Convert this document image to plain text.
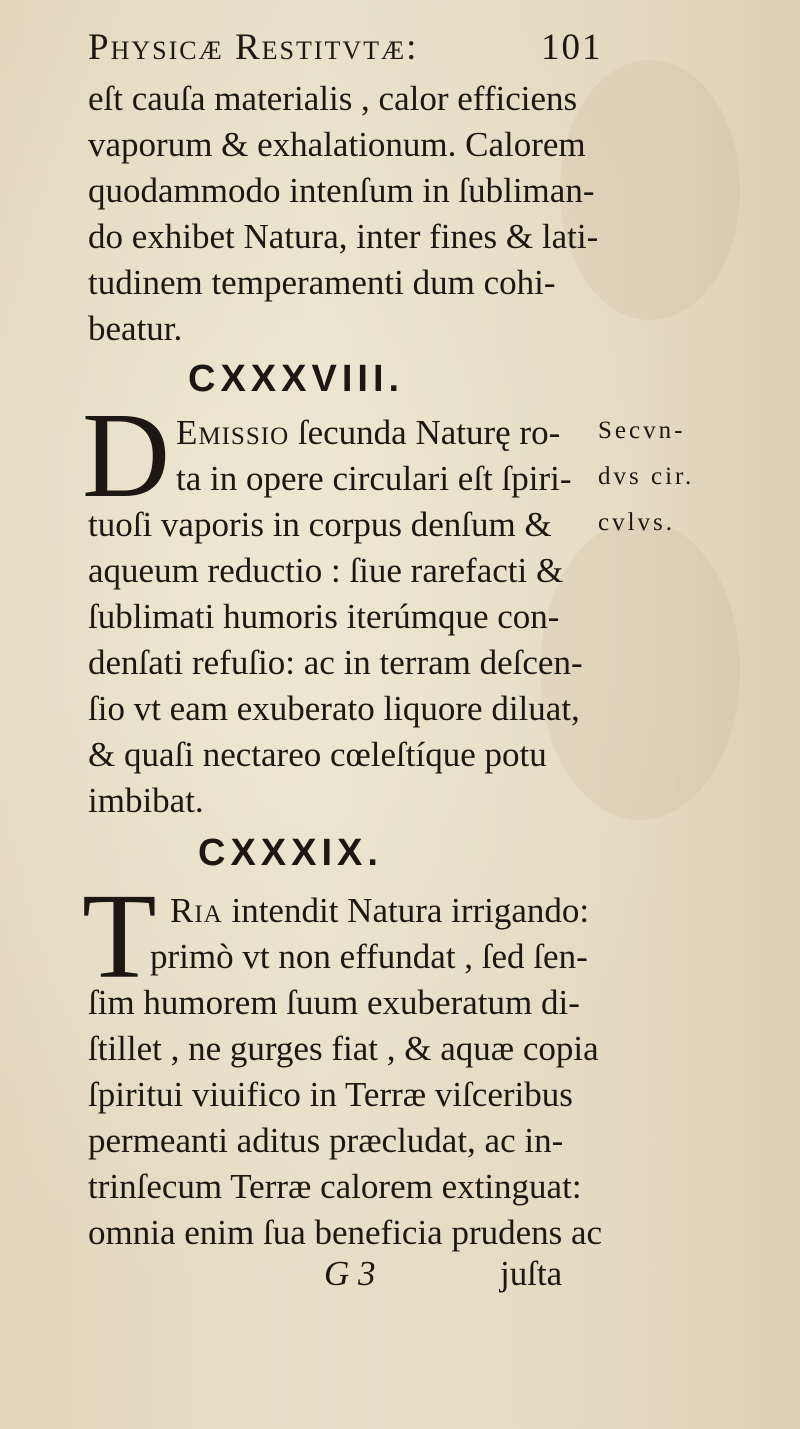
Physicæ Restitvtæ:	101
eſt cauſa materialis , calor efficiens
vaporum & exhalationum. Calorem
quodammodo intenſum in ſubliman-
do exhibet Natura, inter fines & lati-
tudinem temperamenti dum cohi-
beatur.
CXXXVIII.
D Emissio ſecunda Naturę ro-
ta in opere circulari eſt ſpiri-
tuoſi vaporis in corpus denſum &
aqueum reductio : ſiue rarefacti &
ſublimati humoris iterúmque con-
denſati refuſio: ac in terram deſcen-
ſio vt eam exuberato liquore diluat,
& quaſi nectareo cœleſtíque potu
imbibat.
Secvn-
dvs cir.
cvlvs.
CXXXIX.
T Ria intendit Natura irrigando:
primò vt non effundat , ſed ſen-
ſim humorem ſuum exuberatum di-
ſtillet , ne gurges fiat , & aquæ copia
ſpiritui viuifico in Terræ viſceribus
permeanti aditus præcludat, ac in-
trinſecum Terræ calorem extinguat:
omnia enim ſua beneficia prudens ac
G 3	juſta
